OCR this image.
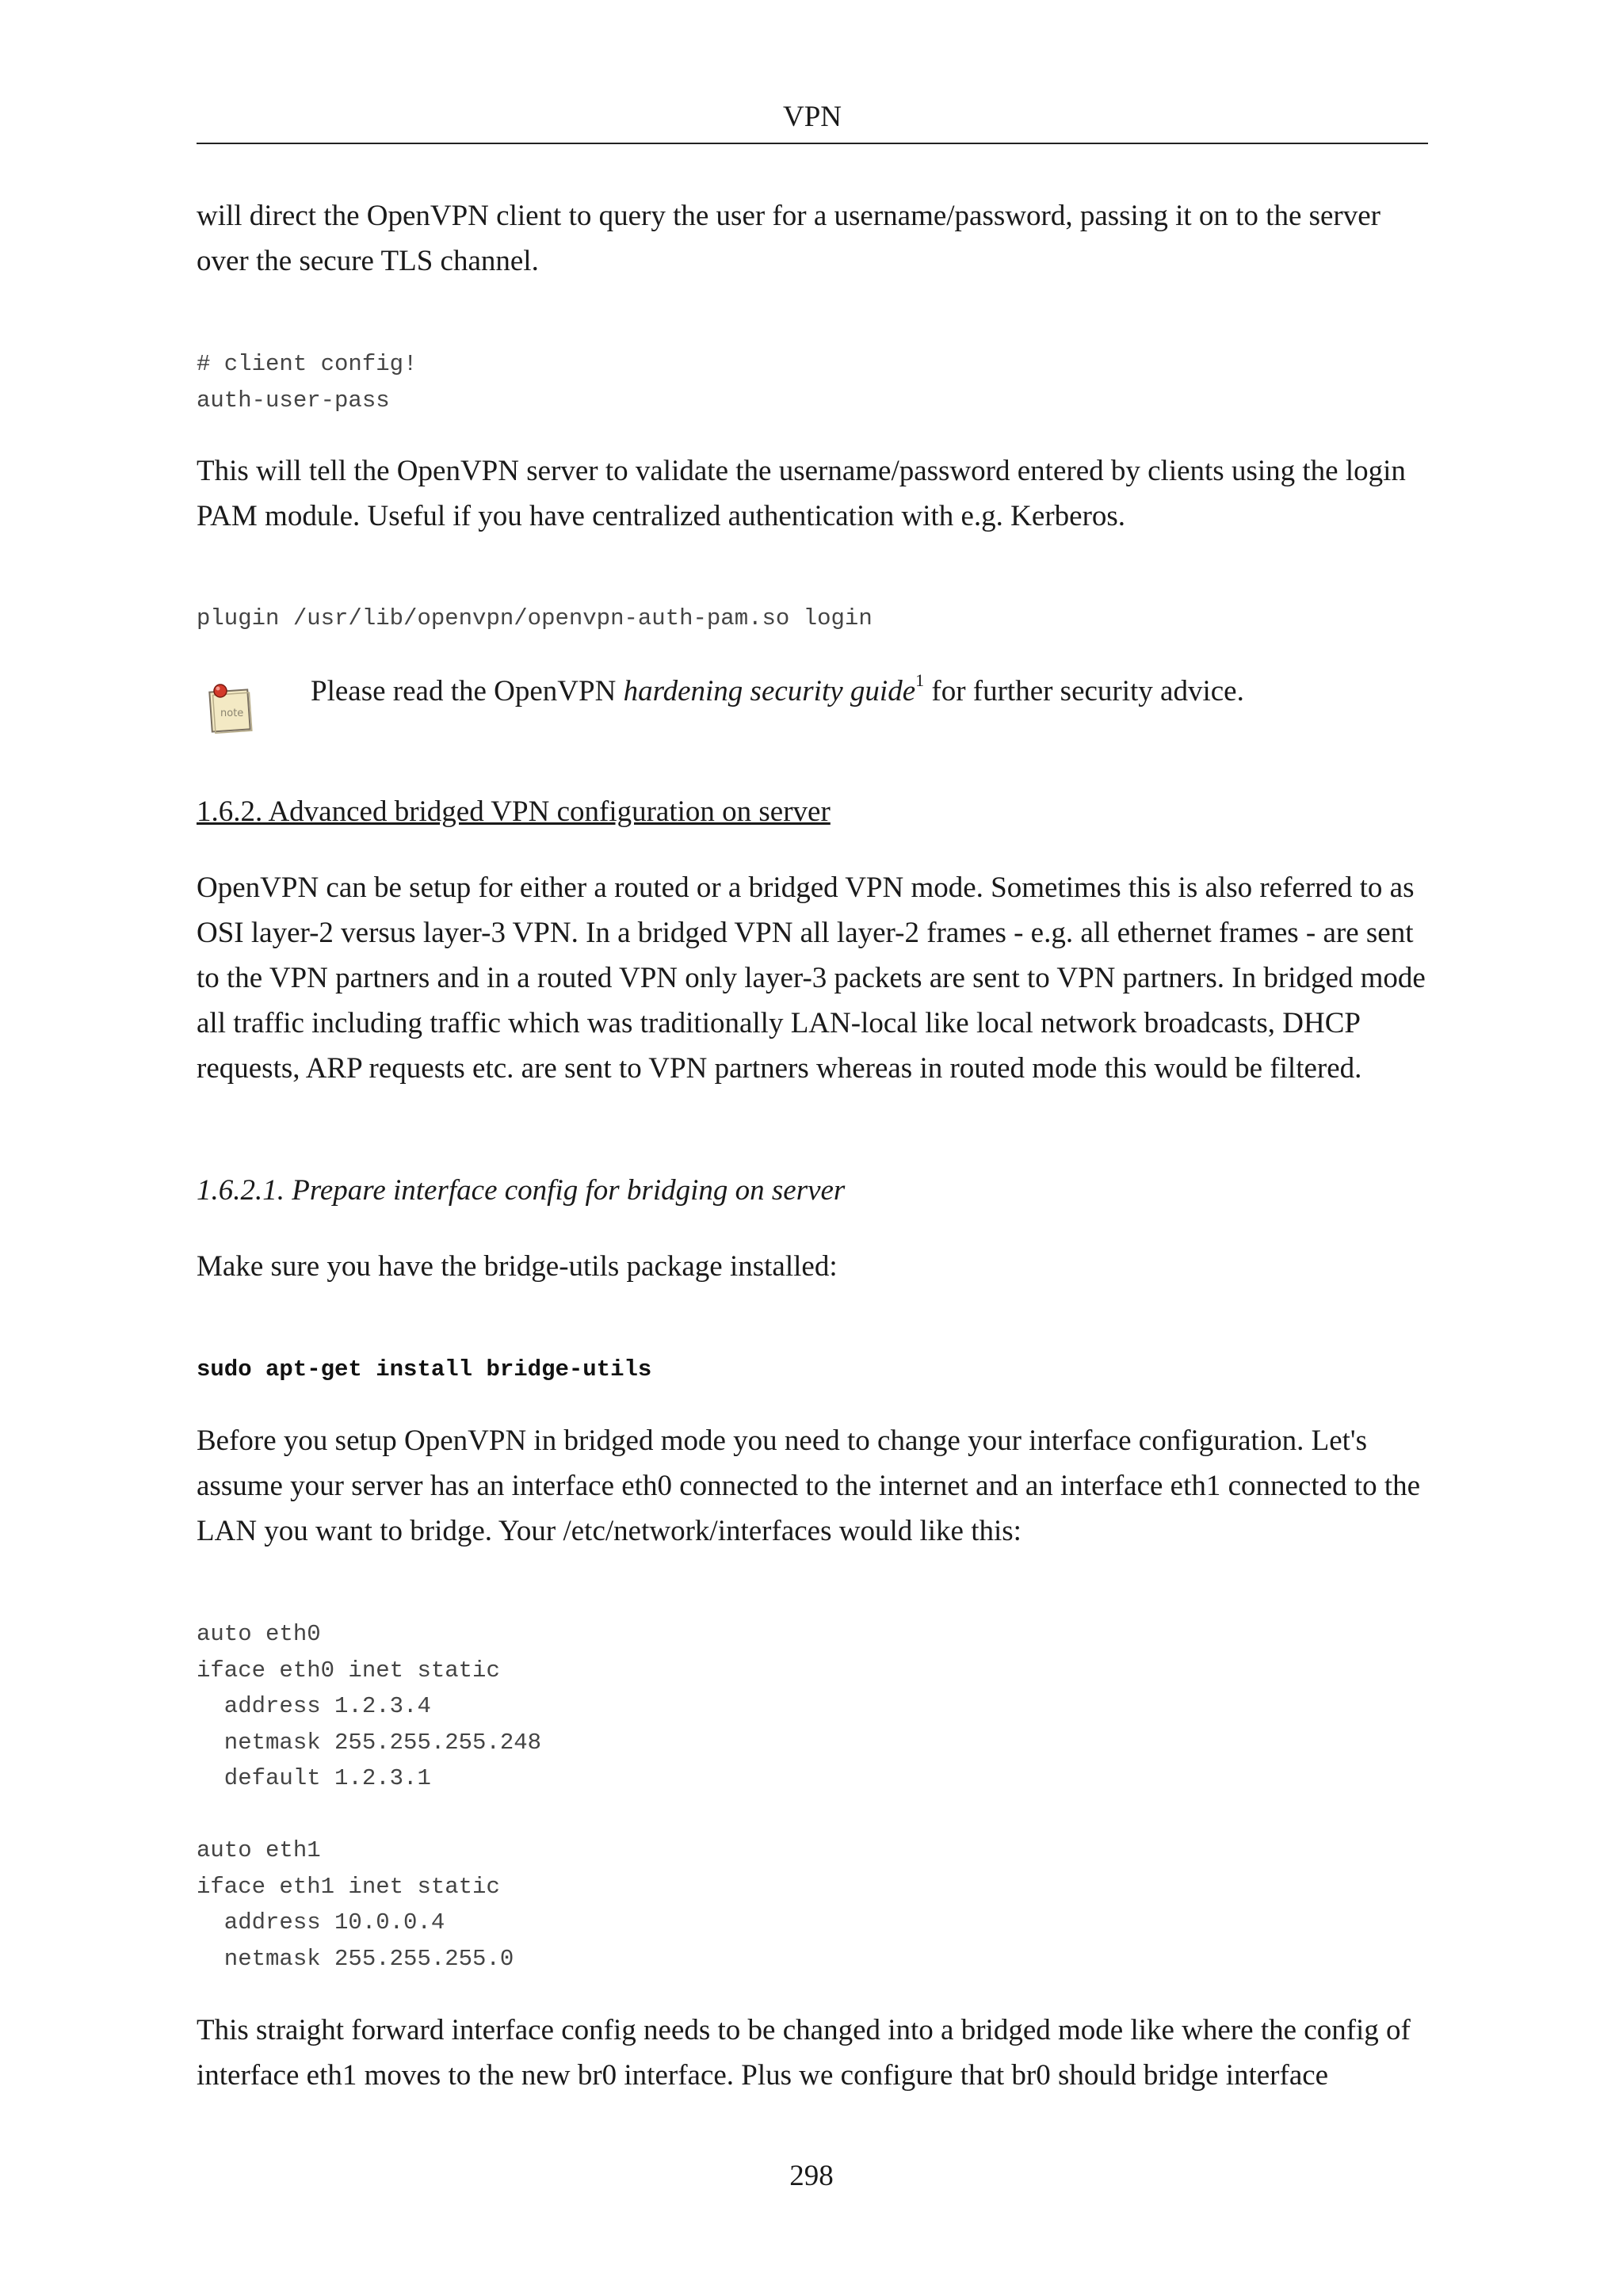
VPN

will direct the OpenVPN client to query the user for a username/password, passing it on to the server over the secure TLS channel.

# client config!
auth-user-pass

This will tell the OpenVPN server to validate the username/password entered by clients using the login PAM module. Useful if you have centralized authentication with e.g. Kerberos.

plugin /usr/lib/openvpn/openvpn-auth-pam.so login
note
Please read the OpenVPN hardening security guide$^1$ for further security advice.

1.6.2. Advanced bridged VPN configuration on server

OpenVPN can be setup for either a routed or a bridged VPN mode. Sometimes this is also referred to as OSI layer-2 versus layer-3 VPN. In a bridged VPN all layer-2 frames - e.g. all ethernet frames - are sent to the VPN partners and in a routed VPN only layer-3 packets are sent to VPN partners. In bridged mode all traffic including traffic which was traditionally LAN-local like local network broadcasts, DHCP requests, ARP requests etc. are sent to VPN partners whereas in routed mode this would be filtered.

1.6.2.1. Prepare interface config for bridging on server

Make sure you have the bridge-utils package installed:

sudo apt-get install bridge-utils

Before you setup OpenVPN in bridged mode you need to change your interface configuration. Let's assume your server has an interface eth0 connected to the internet and an interface eth1 connected to the LAN you want to bridge. Your /etc/network/interfaces would like this:

auto eth0
iface eth0 inet static
address 1.2.3.4
netmask 255.255.255.248
default 1.2.3.1

auto eth1
iface eth1 inet static
address 10.0.0.4
netmask 255.255.255.0

This straight forward interface config needs to be changed into a bridged mode like where the config of interface eth1 moves to the new br0 interface. Plus we configure that br0 should bridge interface

298
